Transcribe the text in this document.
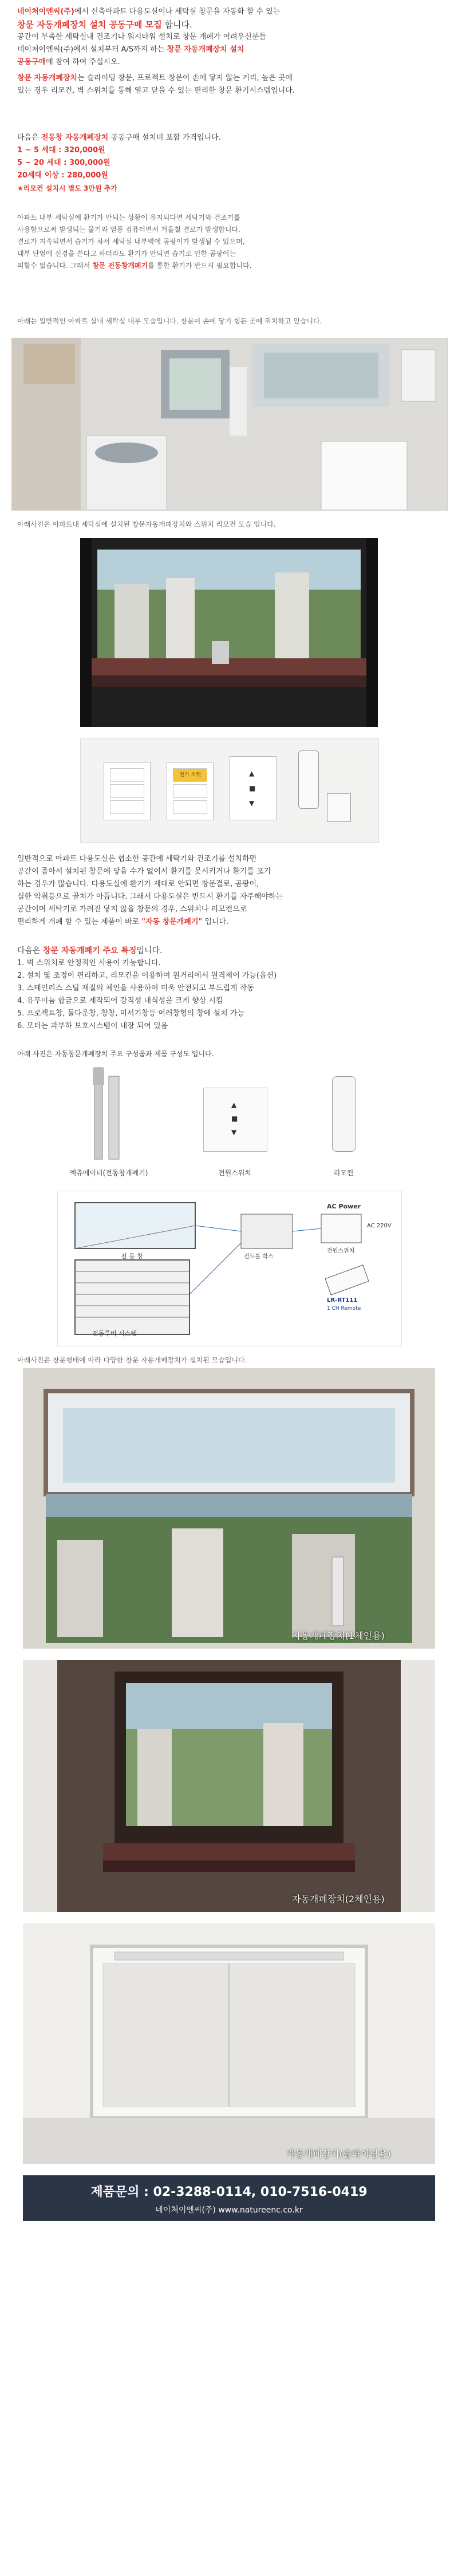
네이처이엔씨(주)에서 신축아파트 다용도실이나 세탁실 창문을 자동화 할 수 있는
창문 자동개폐장치 설치 공동구매 모집 합니다.
공간이 부족한 세탁실내 건조기나 워시타워 설치로 창문 개폐가 어려우신분들
네이처이엔씨(주)에서 설치부터 A/S까지 하는 창문 자동개폐장치 설치
공동구매에 참여 하여 주십시오.
창문 자동개폐장치는 슬라이딩 창문, 프로젝트 창문이 손에 닿지 않는 거리, 높은 곳에
있는 경우 리모컨, 벽 스위치를 통해 열고 닫을 수 있는 편리한 창문 환기시스템입니다.
다음은 전동창 자동개폐장치 공동구매 설치비 포함 가격입니다.
1 ~ 5 세대 : 320,000원
5 ~ 20 세대 : 300,000원
20세대 이상 : 280,000원
★리모컨 설치시 별도 3만원 추가
아파트 내부 세탁실에 환기가 안되는 상황이 유지되다면 세탁기와 건조기를
사용함으로써 발생되는 물기와 열풍 컴퓨터면서 겨울철 결로가 발생합니다.
결로가 지속되면서 습기가 차서 세탁실 내부벽에 곰팡이가 발생될 수 있으며,
내부 단열에 신경을 쓴다고 하더라도 환기가 안되면 습기로 인한 곰팡이는
피할수 없습니다. 그래서 창문 전동창개폐기를 통한 환기가 반드시 필요합니다.
아래는 일반적인 아파트 실내 세탁실 내부 모습입니다. 창문이 손에 닿기 힘든 곳에 위치하고 있습니다.
아래사진은 아파트내 세탁실에 설치된 창문자동개폐장치와 스위치 리모컨 모습 입니다.
전기 소켓	▲
■
▼
일반적으로 아파트 다용도실은 협소한 공간에 세탁기와 건조기를 설치하면
공간이 좁아서 설치된 창문에 닿을 수가 없어서 환기를 못시키거나 환기를 포기
하는 경우가 많습니다. 다용도실에 환기가 제대로 안되면 창문결로, 곰팡이,
심한 악취등으로 골치가 아픕니다. 그래서 다용도실은 반드시 환기를 자주해야하는
공간이며 세탁기로 가려진 닿지 않을 창문의 경우, 스위치나 리모컨으로
편리하게 개폐 할 수 있는 제품이 바로 "자동 창문개폐기" 입니다.
다음은 창문 자동개폐기 주요 특징입니다.
1. 벽 스위치로 안정적인 사용이 가능합니다.
2. 설치 및 조정이 편리하고, 리모컨을 이용하여 원거리에서 원격제어 가능(옵션)
3. 스테인리스 스틸 재질의 체인을 사용하여 더욱 안전되고 부드럽게 작동
4. 유무미늄 합금으로 제작되어 강직성 내식성을 크게 향상 시킴
5. 프로젝트창, 돌다운창, 창창, 미서기창등 여러창형의 창에 설치 가능
6. 모터는 과부하 보호시스템이 내장 되어 있음
아래 사진은 자동창문개폐장치 주요 구성품과 제품 구성도 입니다.
엑츄에이터(전동창개폐기)
▲
■
▼
전원스위치	리모컨
전 동 창
전동루버 시스템
컨트롤 박스
전원스위치
AC Power
AC 220V
LR-RT111
1 CH Remote
아래사진은 창문형태에 따라 다양한 창문 자동개폐장치가 설치된 모습입니다.
자동개폐장치(1체인용)
자동개폐장치(2체인용)
자동개폐장치(슬라이딩용)
제품문의 : 02-3288-0114, 010-7516-0419
네이처이엔씨(주) www.natureenc.co.kr
